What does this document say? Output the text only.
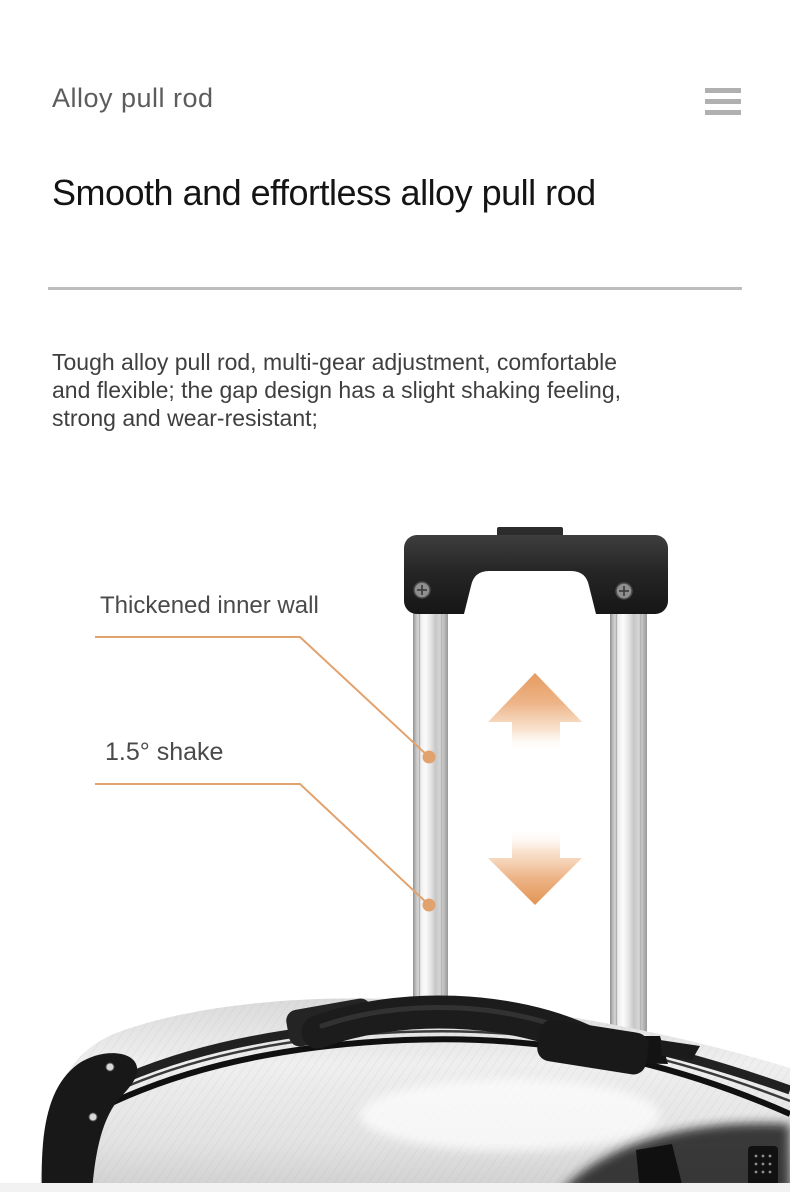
Alloy pull rod
Smooth and effortless alloy pull rod

Tough alloy pull rod, multi-gear adjustment, comfortable and flexible; the gap design has a slight shaking feeling, strong and wear-resistant;

Thickened inner wall
1.5° shake
